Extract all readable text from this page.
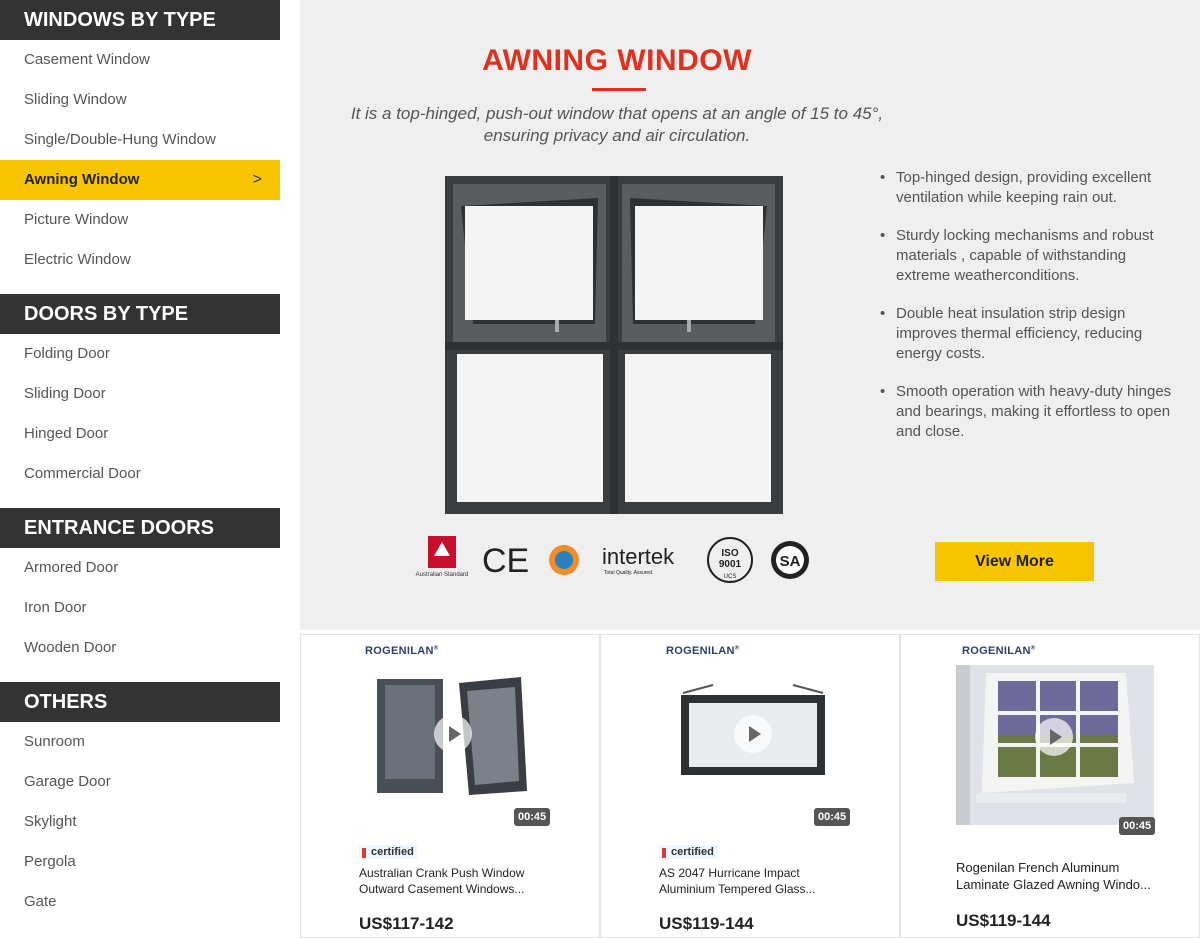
WINDOWS BY TYPE
Casement Window
Sliding Window
Single/Double-Hung Window
Awning Window	>
Picture Window
Electric Window
DOORS BY TYPE
Folding Door
Sliding Door
Hinged Door
Commercial Door
ENTRANCE DOORS
Armored Door
Iron Door
Wooden Door
OTHERS
Sunroom
Garage Door
Skylight
Pergola
Gate
AWNING WINDOW

It is a top-hinged, push-out window that opens at an angle of 15 to 45°, ensuring privacy and air circulation.

• Top-hinged design, providing excellent ventilation while keeping rain out.
• Sturdy locking mechanisms and robust materials , capable of withstanding extreme weatherconditions.
• Double heat insulation strip design improves thermal efficiency, reducing energy costs.
• Smooth operation with heavy-duty hinges and bearings, making it effortless to open and close.
Australian Standard CE	intertek
Total Quality. Assured.
ISO
9001
UCS
SA	View More
ROGENILAN®
00:45
certified
Australian Crank Push Window
Outward Casement Windows...
US$117-142
ROGENILAN®
00:45
certified
AS 2047 Hurricane Impact
Aluminium Tempered Glass...
US$119-144
ROGENILAN®
00:45
Rogenilan French Aluminum
Laminate Glazed Awning Windo...
US$119-144
